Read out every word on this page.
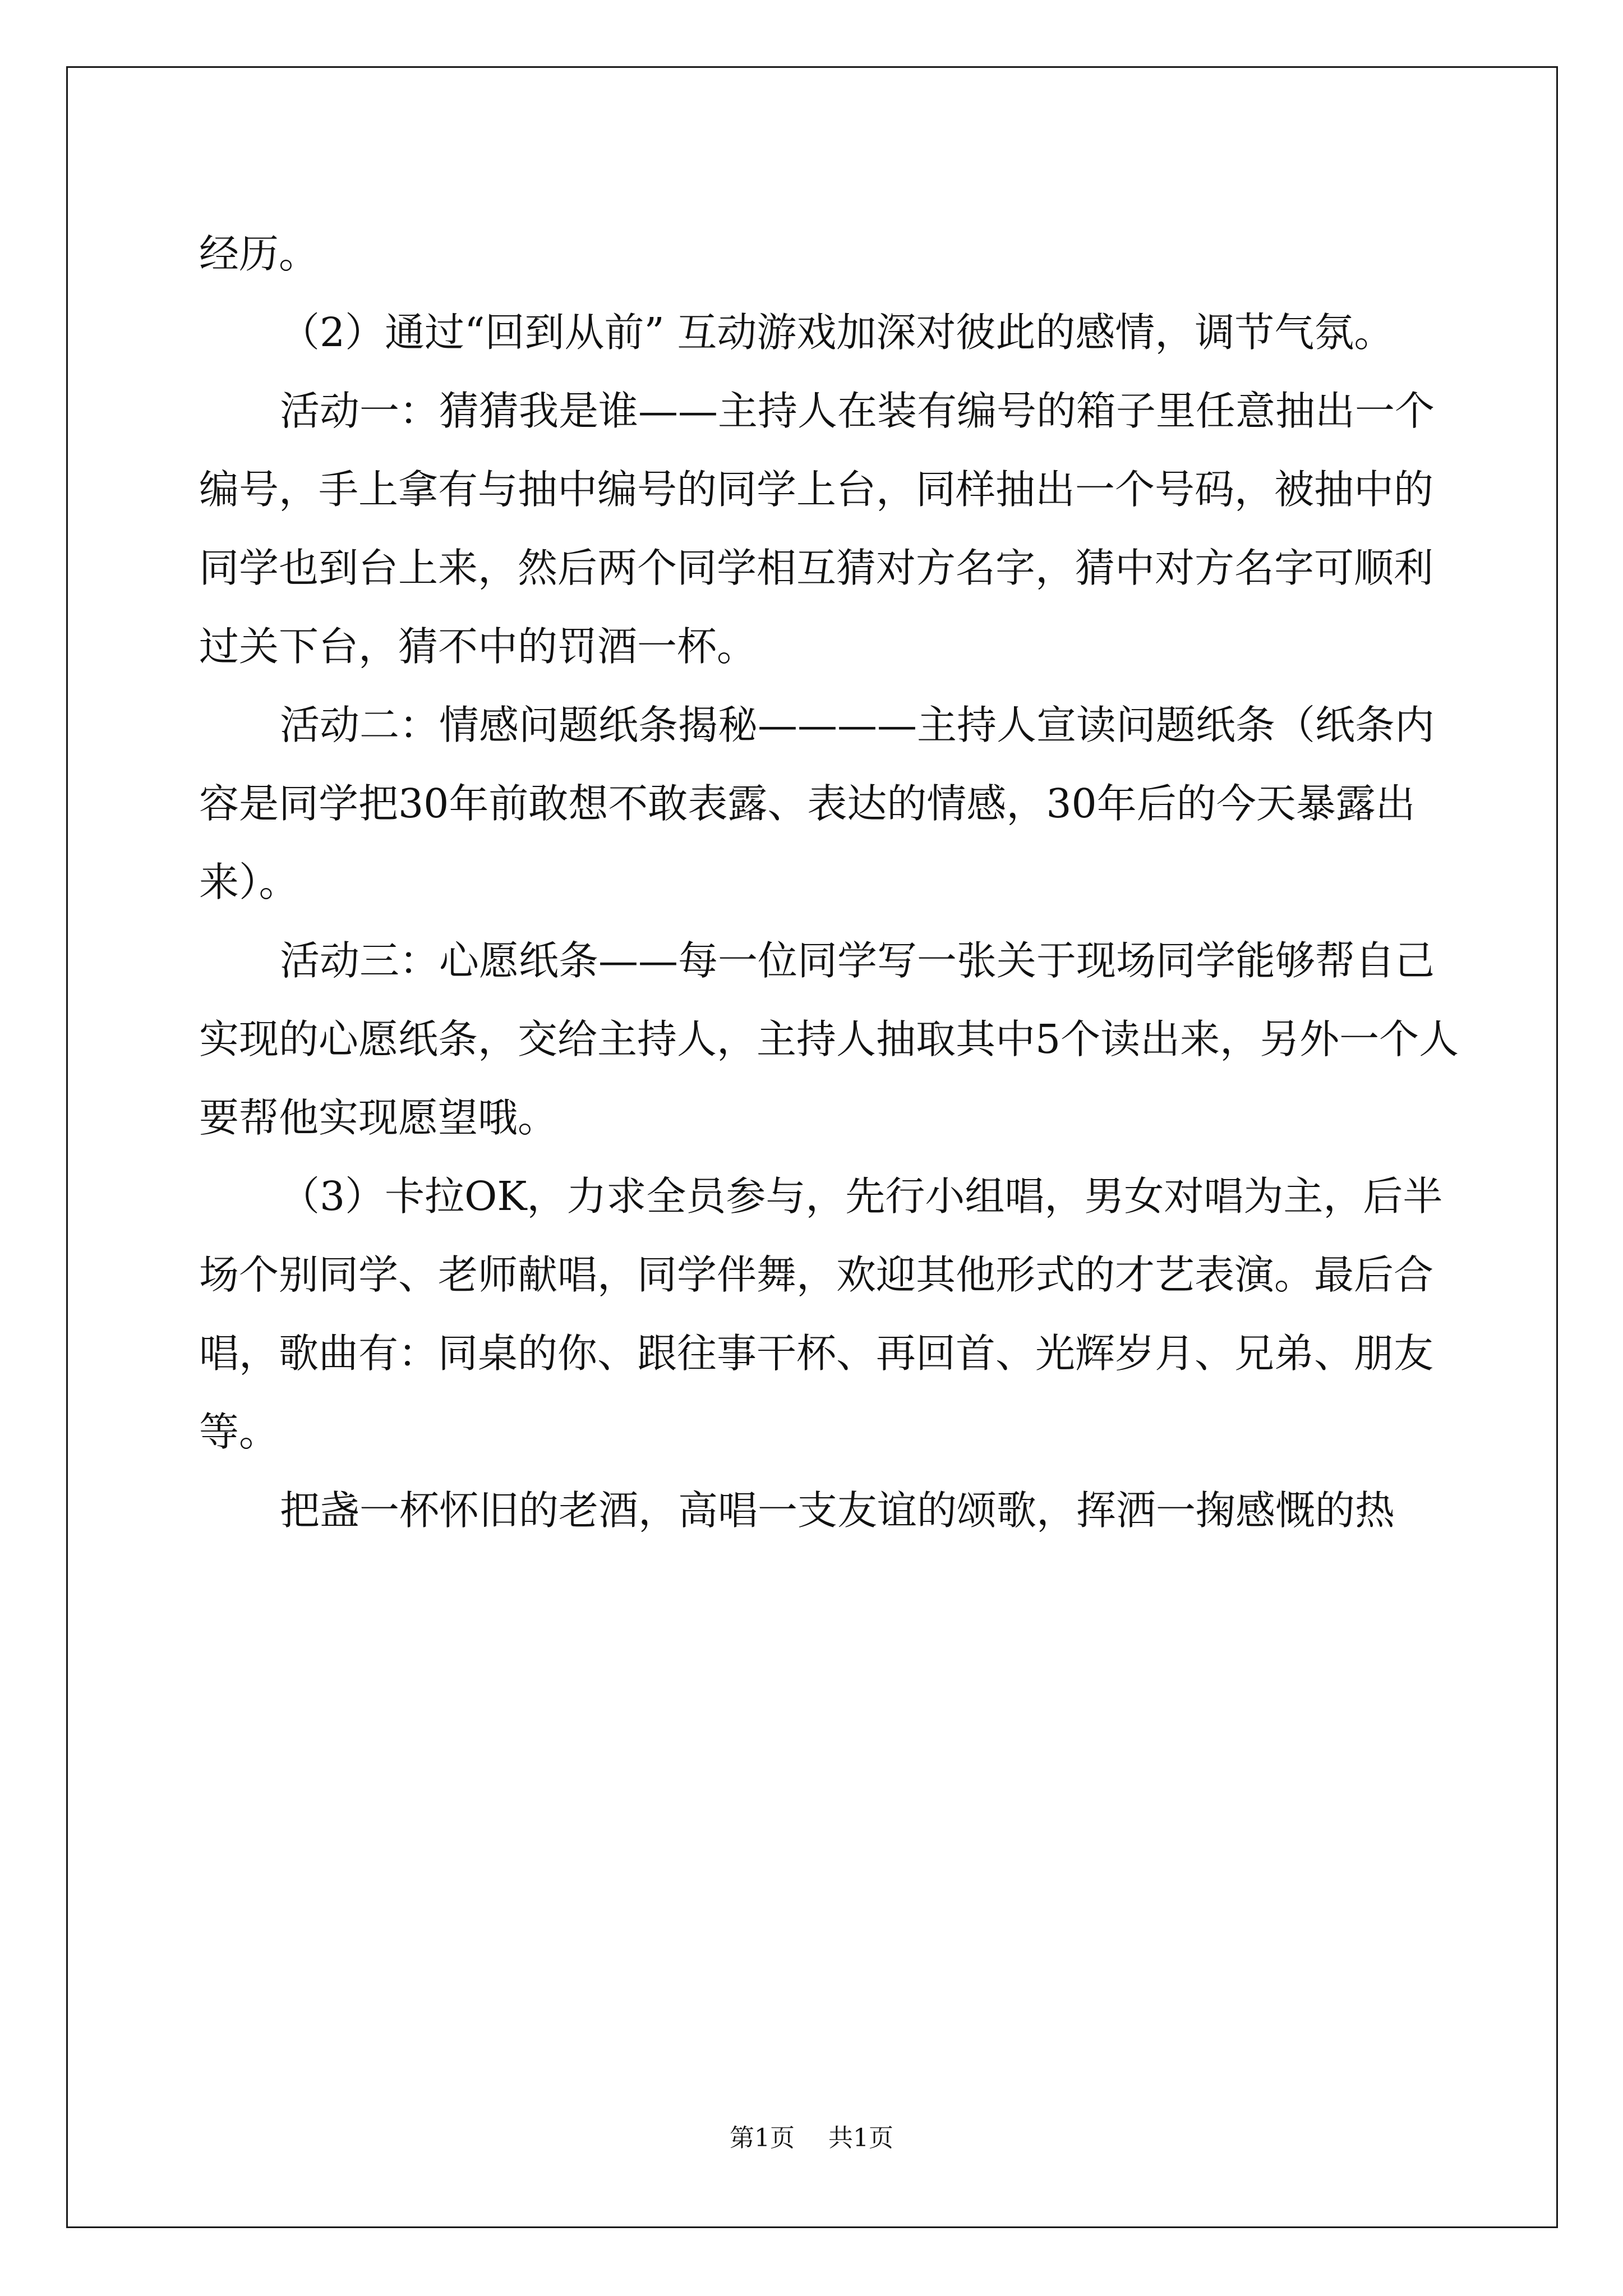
经历。

（2）通过“回到从前” 互动游戏加深对彼此的感情，调节气氛。

活动一：猜猜我是谁——主持人在装有编号的箱子里任意抽出一个编号，手上拿有与抽中编号的同学上台，同样抽出一个号码，被抽中的同学也到台上来，然后两个同学相互猜对方名字，猜中对方名字可顺利过关下台，猜不中的罚酒一杯。

活动二：情感问题纸条揭秘————主持人宣读问题纸条（纸条内容是同学把30年前敢想不敢表露、表达的情感，30年后的今天暴露出来）。

活动三：心愿纸条——每一位同学写一张关于现场同学能够帮自己实现的心愿纸条，交给主持人，主持人抽取其中5个读出来，另外一个人要帮他实现愿望哦。

（3）卡拉OK，力求全员参与，先行小组唱，男女对唱为主，后半场个别同学、老师献唱，同学伴舞，欢迎其他形式的才艺表演。最后合唱，歌曲有：同桌的你、跟往事干杯、再回首、光辉岁月、兄弟、朋友等。

把盏一杯怀旧的老酒，高唱一支友谊的颂歌，挥洒一掬感慨的热

第1页 共1页
